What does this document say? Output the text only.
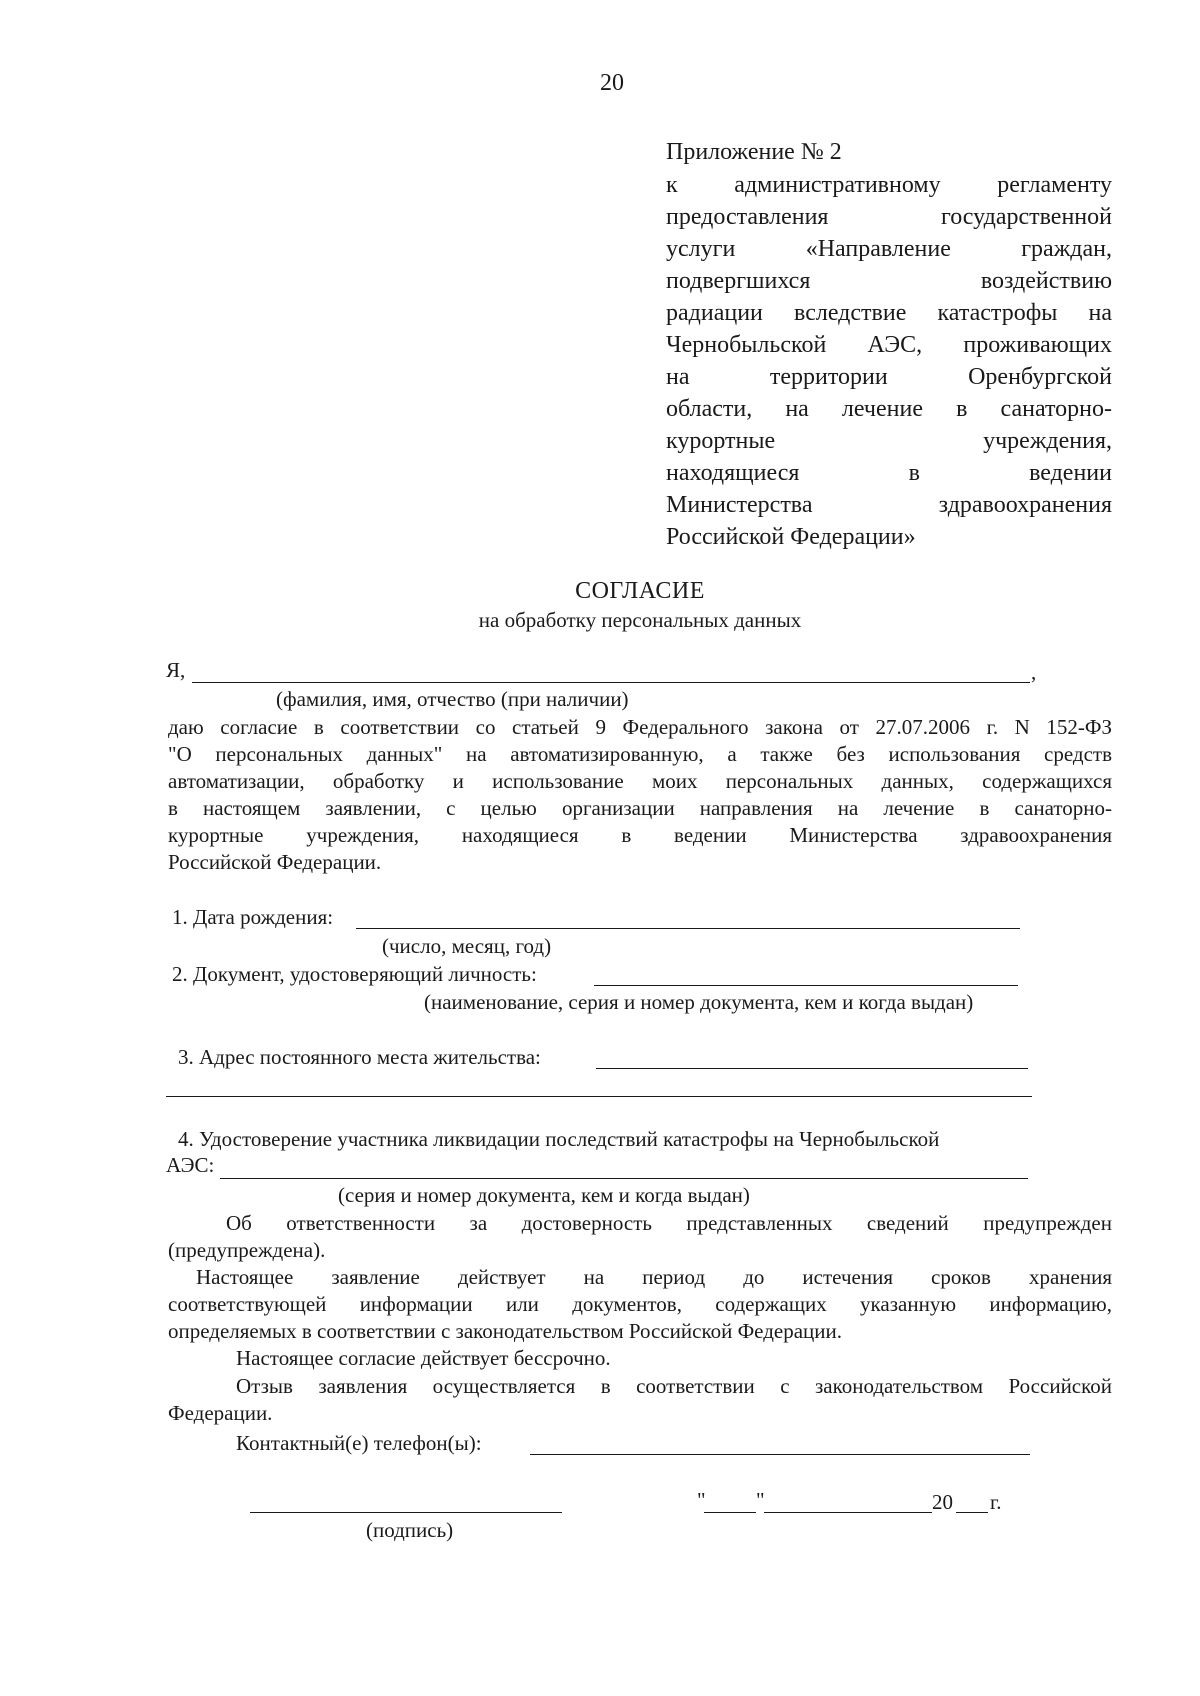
20
Приложение № 2
к административному регламенту
предоставления государственной
услуги «Направление граждан,
подвергшихся воздействию
радиации вследствие катастрофы на
Чернобыльской АЭС, проживающих
на территории Оренбургской
области, на лечение в санаторно-
курортные учреждения,
находящиеся в ведении
Министерства здравоохранения
Российской Федерации»
СОГЛАСИЕ
на обработку персональных данных
Я,	,
(фамилия, имя, отчество (при наличии)
даю согласие в соответствии со статьей 9 Федерального закона от 27.07.2006 г. N 152-ФЗ
"О персональных данных" на автоматизированную, а также без использования средств
автоматизации, обработку и использование моих персональных данных, содержащихся
в настоящем заявлении, с целью организации направления на лечение в санаторно-
курортные учреждения, находящиеся в ведении Министерства здравоохранения
Российской Федерации.
1. Дата рождения:
(число, месяц, год)
2. Документ, удостоверяющий личность:
(наименование, серия и номер документа, кем и когда выдан)
3. Адрес постоянного места жительства:
4. Удостоверение участника ликвидации последствий катастрофы на Чернобыльской
АЭС:
(серия и номер документа, кем и когда выдан)
Об ответственности за достоверность представленных сведений предупрежден
(предупреждена).
Настоящее заявление действует на период до истечения сроков хранения
соответствующей информации или документов, содержащих указанную информацию,
определяемых в соответствии с законодательством Российской Федерации.
Настоящее согласие действует бессрочно.
Отзыв заявления осуществляется в соответствии с законодательством Российской
Федерации.
Контактный(е) телефон(ы):
(подпись)
" "	20 г.
